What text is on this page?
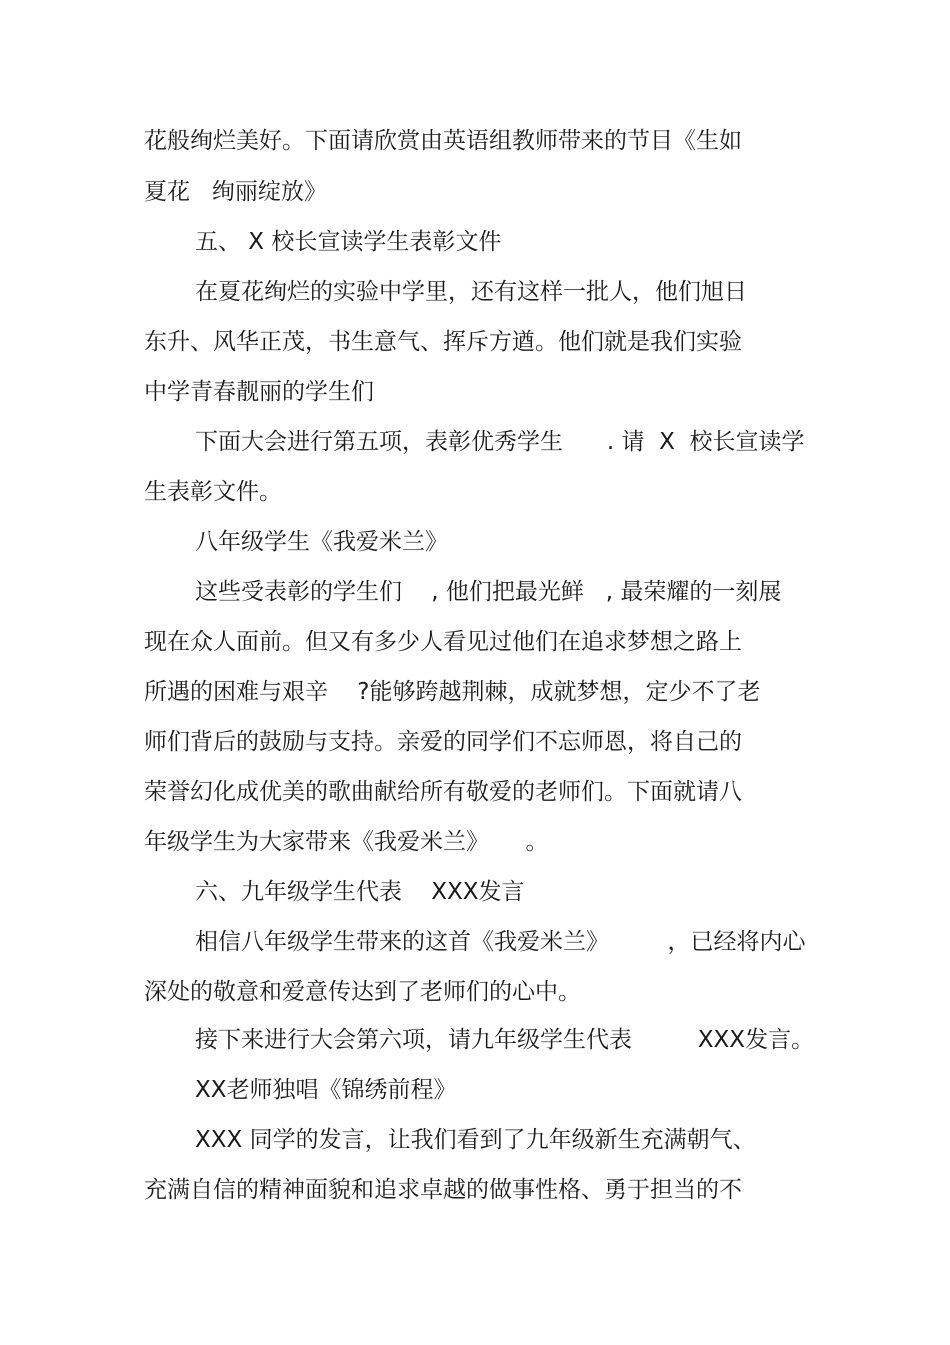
花般绚烂美好。下面请欣赏由英语组教师带来的节目《生如

夏花   绚丽绽放》

五、 X 校长宣读学生表彰文件

在夏花绚烂的实验中学里，还有这样一批人，他们旭日

东升、风华正茂，书生意气、挥斥方遒。他们就是我们实验

中学青春靓丽的学生们

下面大会进行第五项，表彰优秀学生      . 请  X  校长宣读学

生表彰文件。

八年级学生《我爱米兰》

这些受表彰的学生们    , 他们把最光鲜   , 最荣耀的一刻展

现在众人面前。但又有多少人看见过他们在追求梦想之路上

所遇的困难与艰辛    ?能够跨越荆棘，成就梦想，定少不了老

师们背后的鼓励与支持。亲爱的同学们不忘师恩，将自己的

荣誉幻化成优美的歌曲献给所有敬爱的老师们。下面就请八

年级学生为大家带来《我爱米兰》     。

六、九年级学生代表    XXX发言

相信八年级学生带来的这首《我爱米兰》        ，已经将内心

深处的敬意和爱意传达到了老师们的心中。

接下来进行大会第六项，请九年级学生代表         XXX发言。

XX老师独唱《锦绣前程》

XXX 同学的发言，让我们看到了九年级新生充满朝气、

充满自信的精神面貌和追求卓越的做事性格、勇于担当的不
